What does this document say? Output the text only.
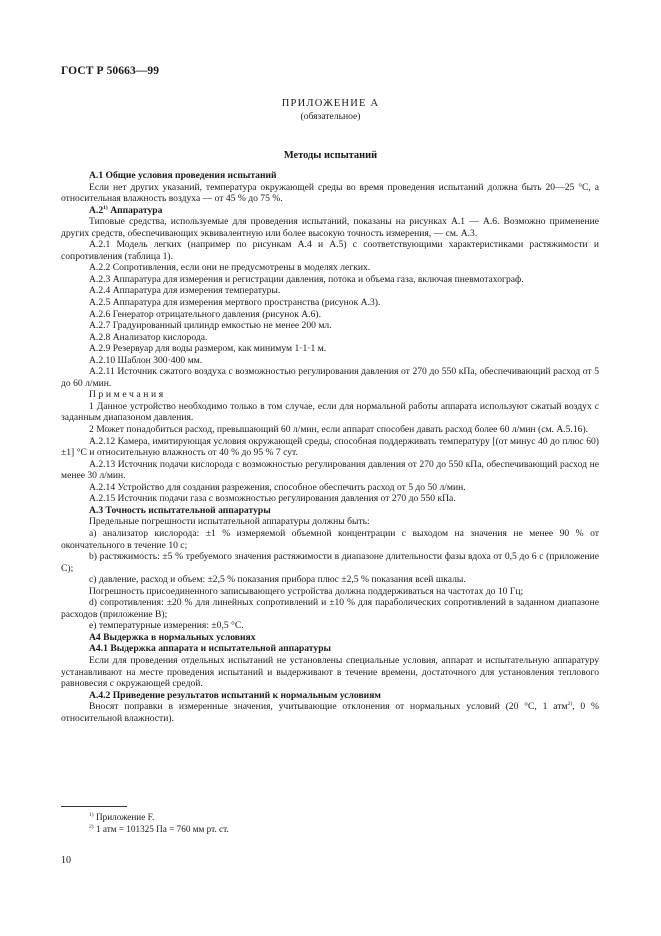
ГОСТ Р 50663—99
ПРИЛОЖЕНИЕ А
(обязательное)
Методы испытаний

А.1 Общие условия проведения испытаний

Если нет других указаний, температура окружающей среды во время проведения испытаний должна быть 20—25 °С, а относительная влажность воздуха — от 45 % до 75 %.

А.2$^{1)}$ Аппаратура

Типовые средства, используемые для проведения испытаний, показаны на рисунках А.1 — А.6. Возможно применение других средств, обеспечивающих эквивалентную или более высокую точность измерения, — см. А.3.

А.2.1 Модель легких (например по рисункам А.4 и А.5) с соответствующими характеристиками растяжимости и сопротивления (таблица 1).

А.2.2 Сопротивления, если они не предусмотрены в моделях легких.

А.2.3 Аппаратура для измерения и регистрации давления, потока и объема газа, включая пневмотахограф.

А.2.4 Аппаратура для измерения температуры.

А.2.5 Аппаратура для измерения мертвого пространства (рисунок А.3).

А.2.6 Генератор отрицательного давления (рисунок А.6).

А.2.7 Градуированный цилиндр емкостью не менее 200 мл.

А.2.8 Анализатор кислорода.

А.2.9 Резервуар для воды размером, как минимум 1·1·1 м.

А.2.10 Шаблон 300·400 мм.

А.2.11 Источник сжатого воздуха с возможностью регулирования давления от 270 до 550 кПа, обеспечивающий расход от 5 до 60 л/мин.

Примечания

1 Данное устройство необходимо только в том случае, если для нормальной работы аппарата используют сжатый воздух с заданным диапазоном давления.

2 Может понадобиться расход, превышающий 60 л/мин, если аппарат способен давать расход более 60 л/мин (см. А.5.16).

А.2.12 Камера, имитирующая условия окружающей среды, способная поддерживать температуру [(от минус 40 до плюс 60) ±1] °С и относительную влажность от 40 % до 95 % 7 сут.

А.2.13 Источник подачи кислорода с возможностью регулирования давления от 270 до 550 кПа, обеспечивающий расход не менее 30 л/мин.

А.2.14 Устройство для создания разрежения, способное обеспечить расход от 5 до 50 л/мин.

А.2.15 Источник подачи газа с возможностью регулирования давления от 270 до 550 кПа.

А.3 Точность испытательной аппаратуры

Предельные погрешности испытательной аппаратуры должны быть:

а) анализатор кислорода: ±1 % измеряемой объемной концентрации с выходом на значения не менее 90 % от окончательного в течение 10 с;

b) растяжимость: ±5 % требуемого значения растяжимости в диапазоне длительности фазы вдоха от 0,5 до 6 с (приложение С);

с) давление, расход и объем: ±2,5 % показания прибора плюс ±2,5 % показания всей шкалы.

Погрешность присоединенного записывающего устройства должна поддерживаться на частотах до 10 Гц;

d) сопротивления: ±20 % для линейных сопротивлений и ±10 % для параболических сопротивлений в заданном диапазоне расходов (приложение В);

е) температурные измерения: ±0,5 °С.

А4 Выдержка в нормальных условиях

А4.1 Выдержка аппарата и испытательной аппаратуры

Если для проведения отдельных испытаний не установлены специальные условия, аппарат и испытательную аппаратуру устанавливают на месте проведения испытаний и выдерживают в течение времени, достаточного для установления теплового равновесия с окружающей средой.

А.4.2 Приведение результатов испытаний к нормальным условиям

Вносят поправки в измеренные значения, учитывающие отклонения от нормальных условий (20 °С, 1 атм$^{2)}$, 0 % относительной влажности).

$^{1)}$ Приложение F.
$^{2)}$ 1 атм = 101325 Па = 760 мм рт. ст.
10
